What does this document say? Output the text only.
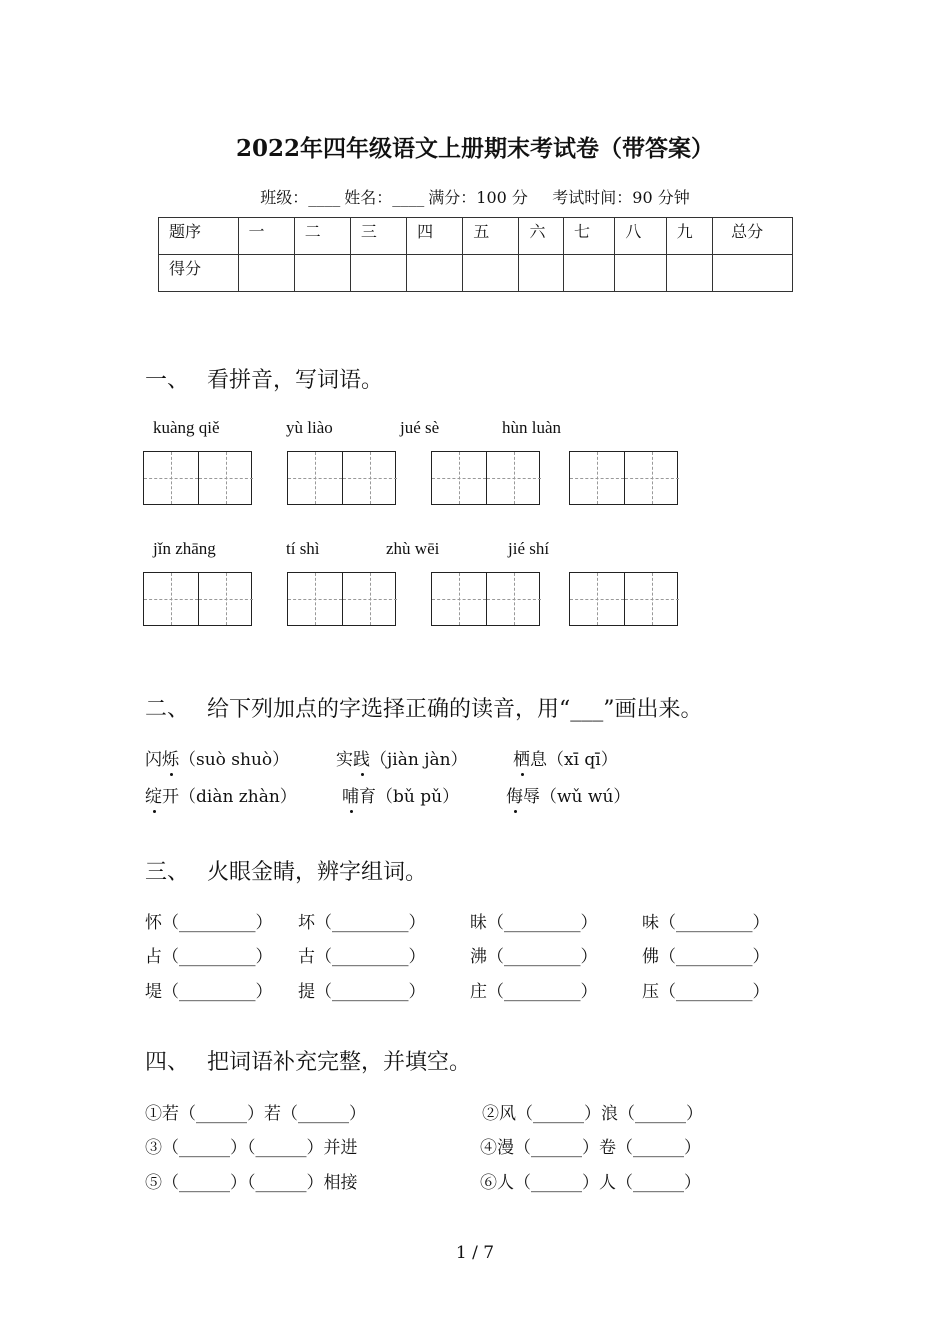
2022年四年级语文上册期末考试卷（带答案）
班级：____ 姓名：____ 满分：100 分 考试时间：90 分钟
题序	一	二	三	四	五	六	七	八	九	总分
得分										
一、 看拼音，写词语。
kuàng qiě	yù liào	jué sè	hùn luàn
jǐn zhāng	tí shì	zhù wēi	jié shí
二、 给下列加点的字选择正确的读音，用“___”画出来。
闪烁（suò shuò）	实践（jiàn jàn）	栖息（xī qī）
绽开（diàn zhàn）	哺育（bǔ pǔ）	侮辱（wǔ wú）
三、 火眼金睛，辨字组词。
怀（_________） 坏（_________）	昧（_________）	味（_________）
占（_________） 古（_________）	沸（_________）	佛（_________）
堤（_________） 提（_________）	庄（_________）	压（_________）
四、 把词语补充完整，并填空。
①若（______）若（______）	②风（______）浪（______）
③（______）（______）并进	④漫（______）卷（______）
⑤（______）（______）相接	⑥人（______）人（______）
1 / 7
